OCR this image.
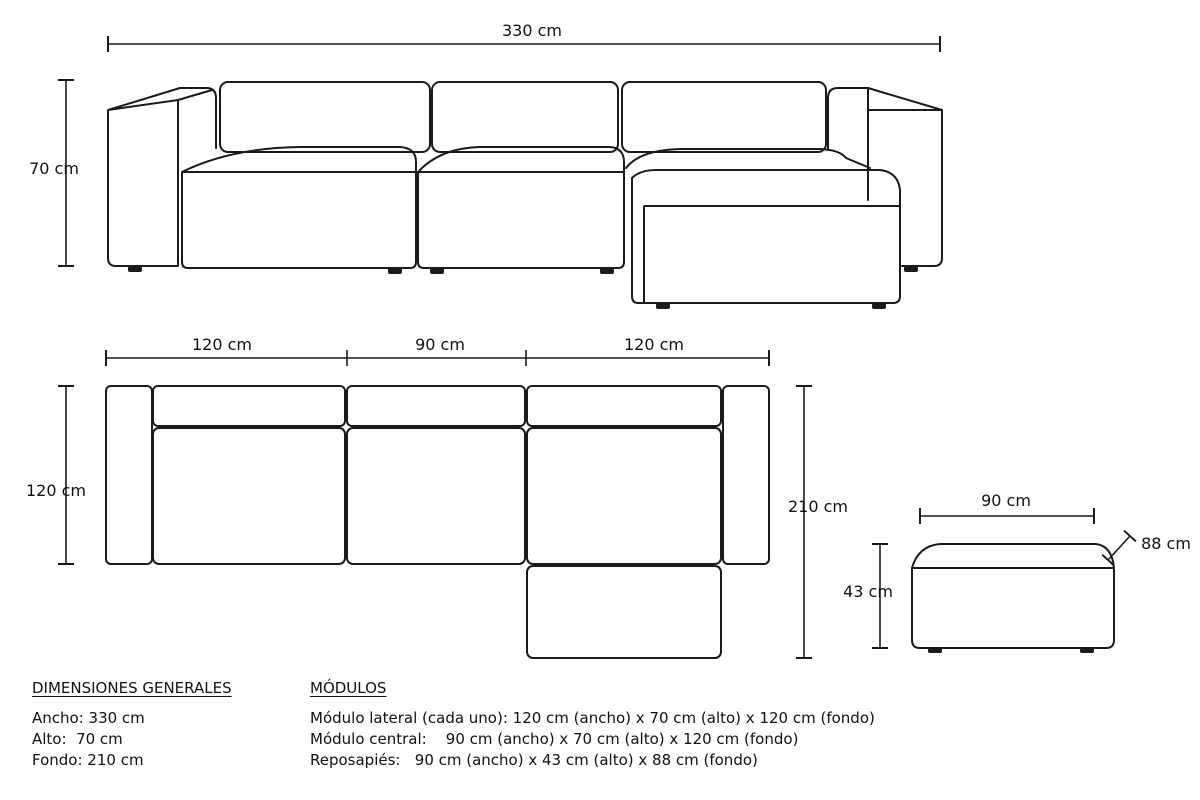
330 cm
70 cm
120 cm	90 cm	120 cm
120 cm
210 cm	90 cm
88 cm
43 cm
DIMENSIONES GENERALES
Ancho: 330 cm
Alto:  70 cm
Fondo: 210 cm
MÓDULOS
Módulo lateral (cada uno): 120 cm (ancho) x 70 cm (alto) x 120 cm (fondo)
Módulo central:    90 cm (ancho) x 70 cm (alto) x 120 cm (fondo)
Reposapiés:   90 cm (ancho) x 43 cm (alto) x 88 cm (fondo)
